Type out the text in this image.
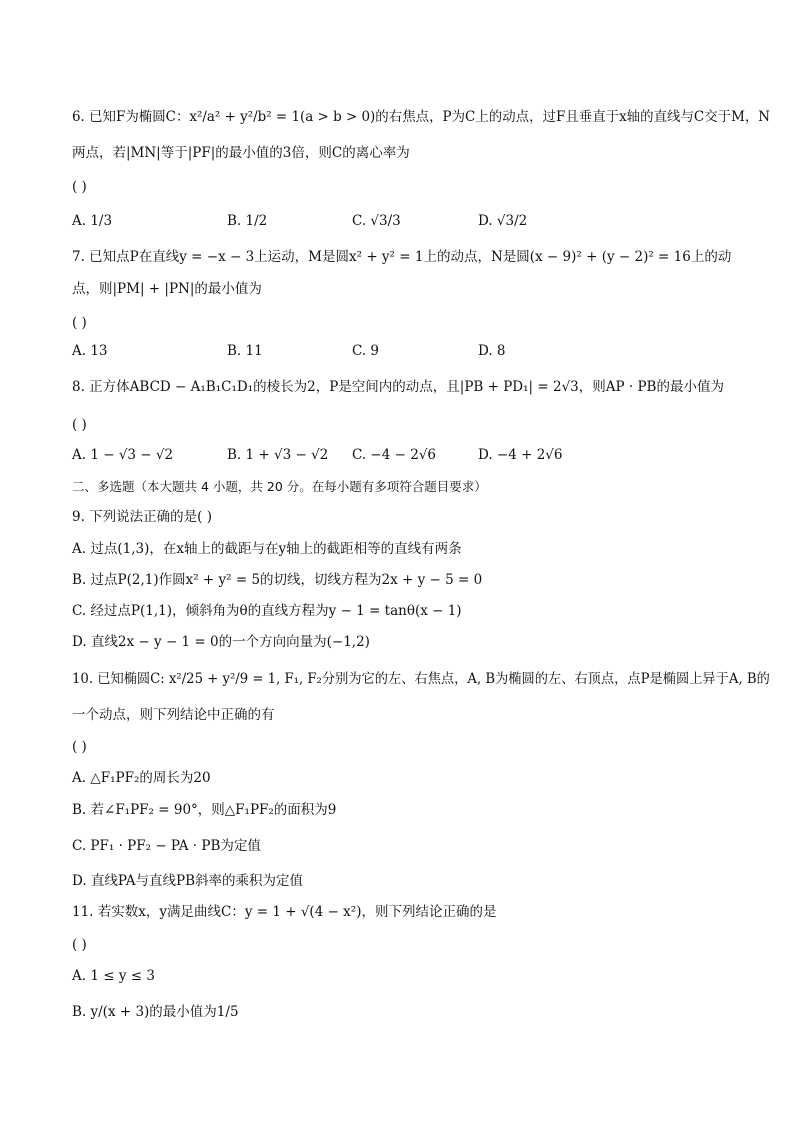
6. 已知F为椭圆C：x²/a² + y²/b² = 1(a > b > 0)的右焦点，P为C上的动点，过F且垂直于x轴的直线与C交于M，N
两点，若|MN|等于|PF|的最小值的3倍，则C的离心率为
( )
A. 1/3	B. 1/2	C. √3/3	D. √3/2
7. 已知点P在直线y = −x − 3上运动，M是圆x² + y² = 1上的动点，N是圆(x − 9)² + (y − 2)² = 16上的动
点，则|PM| + |PN|的最小值为
( )
A. 13	B. 11	C. 9	D. 8
8. 正方体ABCD − A₁B₁C₁D₁的棱长为2，P是空间内的动点，且|PB + PD₁| = 2√3，则AP · PB的最小值为
( )
A. 1 − √3 − √2	B. 1 + √3 − √2 C. −4 − 2√6	D. −4 + 2√6
二、多选题（本大题共 4 小题，共 20 分。在每小题有多项符合题目要求）
9. 下列说法正确的是( )
A. 过点(1,3)，在x轴上的截距与在y轴上的截距相等的直线有两条
B. 过点P(2,1)作圆x² + y² = 5的切线，切线方程为2x + y − 5 = 0
C. 经过点P(1,1)，倾斜角为θ的直线方程为y − 1 = tanθ(x − 1)
D. 直线2x − y − 1 = 0的一个方向向量为(−1,2)
10. 已知椭圆C: x²/25 + y²/9 = 1, F₁, F₂分别为它的左、右焦点，A, B为椭圆的左、右顶点，点P是椭圆上异于A, B的
一个动点，则下列结论中正确的有
( )
A. △F₁PF₂的周长为20
B. 若∠F₁PF₂ = 90°，则△F₁PF₂的面积为9
C. PF₁ · PF₂ − PA · PB为定值
D. 直线PA与直线PB斜率的乘积为定值
11. 若实数x，y满足曲线C：y = 1 + √(4 − x²)，则下列结论正确的是
( )
A. 1 ≤ y ≤ 3
B. y/(x + 3)的最小值为1/5
